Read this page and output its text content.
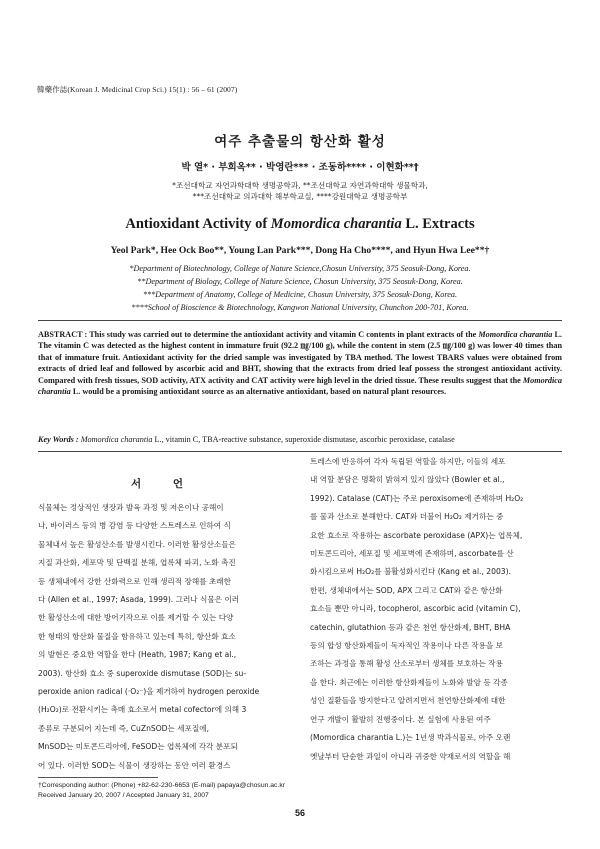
韓藥作誌(Korean J. Medicinal Crop Sci.) 15(1) : 56 – 61 (2007)
여주 추출물의 항산화 활성
박 열* · 부희옥** · 박영란*** · 조동하**** · 이현화**†
*조선대학교 자연과학대학 생명공학과, **조선대학교 자연과학대학 생물학과,
***조선대학교 의과대학 해부학교실, ****강원대학교 생명공학부
Antioxidant Activity of Momordica charantia L. Extracts
Yeol Park*, Hee Ock Boo**, Young Lan Park***, Dong Ha Cho****, and Hyun Hwa Lee**†
*Department of Biotechnology, College of Nature Science,Chosun University, 375 Seosuk-Dong, Korea.
**Department of Biology, College of Nature Science, Chosun University, 375 Seosuk-Dong, Korea.
***Department of Anatomy, College of Medicine, Chosun University, 375 Seosuk-Dong, Korea.
****School of Bioscience & Biotechnology, Kangwon National University, Chunchon 200-701, Korea.
ABSTRACT : This study was carried out to determine the antioxidant activity and vitamin C contents in plant extracts of the Momordica charantia L. The vitamin C was detected as the highest content in immature fruit (92.2 ㎎/100 g), while the content in stem (2.5 ㎎/100 g) was lower 40 times than that of immature fruit. Antioxidant activity for the dried sample was investigated by TBA method. The lowest TBARS values were obtained from extracts of dried leaf and followed by ascorbic acid and BHT, showing that the extracts from dried leaf possess the strongest antioxidant activity. Compared with fresh tissues, SOD activity, ATX activity and CAT activity were high level in the dried tissue. These results suggest that the Momordica charantia L. would be a promising antioxidant source as an alternative antioxidant, based on natural plant resources.
Key Words : Momordica charantia L., vitamin C, TBA-reactive substance, superoxide dismutase, ascorbic peroxidase, catalase
서 언
식물체는 정상적인 생장과 발육 과정 및 저온이나 공해이
나, 바이러스 등의 병 감염 등 다양한 스트레스로 인하여 식
물체내서 높은 활성산소를 발생시킨다. 이러한 활성산소들은
지질 과산화, 세포막 및 단백질 분해, 엽록체 파괴, 노화 촉진
등 생체내에서 강한 산화력으로 인해 생리적 장해를 초래한
다 (Allen et al., 1997; Asada, 1999). 그러나 식물은 이러
한 활성산소에 대한 방어기작으로 이를 제거할 수 있는 다양
한 형태의 항산화 물질을 함유하고 있는데 특히, 항산화 효소
의 발현은 중요한 역할을 한다 (Heath, 1987; Kang et al.,
2003). 항산화 효소 중 superoxide dismutase (SOD)는 su-
peroxide anion radical (·O₂⁻)을 제거하여 hydrogen peroxide
(H₂O₂)로 전환시키는 촉매 효소로서 metal cofector에 의해 3
종류로 구분되어 지는데 즉, CuZnSOD는 세포질에,
MnSOD는 미토콘드리아에, FeSOD는 엽록체에 각각 분포되
어 있다. 이러한 SOD는 식물이 생장하는 동안 여러 환경스
트레스에 반응하여 각자 독립된 역할을 하지만, 이들의 세포
내 역할 분담은 명확히 밝혀져 있지 않았다 (Bowler et al.,
1992). Catalase (CAT)는 주로 peroxisome에 존재하며 H₂O₂
를 물과 산소로 분해한다. CAT와 더불어 H₂O₂ 제거하는 중
요한 효소로 작용하는 ascorbate peroxidase (APX)는 엽록체,
미토콘드리아, 세포질 및 세포벽에 존재하며, ascorbate를 산
화시킴으로써 H₂O₂를 불활성화시킨다 (Kang et al., 2003).
한편, 생체내에서는 SOD, APX 그리고 CAT와 같은 항산화
효소들 뿐만 아니라, tocopherol, ascorbic acid (vitamin C),
catechin, glutathion 등과 같은 천연 항산화제, BHT, BHA
등의 합성 항산화제들이 독자적인 작용이나 다른 작용을 보
조하는 과정을 통해 활성 산소로부터 생체를 보호하는 작용
을 한다. 최근에는 이러한 항산화제들이 노화와 발암 등 각종
성인 질환들을 방지한다고 알려지면서 천연항산화제에 대한
연구 개발이 활발히 진행중이다. 본 실험에 사용된 여주
(Momordica charantia L.)는 1년생 박과식물로, 아주 오랜
옛날부터 단순한 과일이 아니라 귀중한 약재로서의 역할을 해
†Corresponding author: (Phone) +82-62-230-6653 (E-mail) papaya@chosun.ac.kr
Received January 20, 2007 / Accepted January 31, 2007
56
